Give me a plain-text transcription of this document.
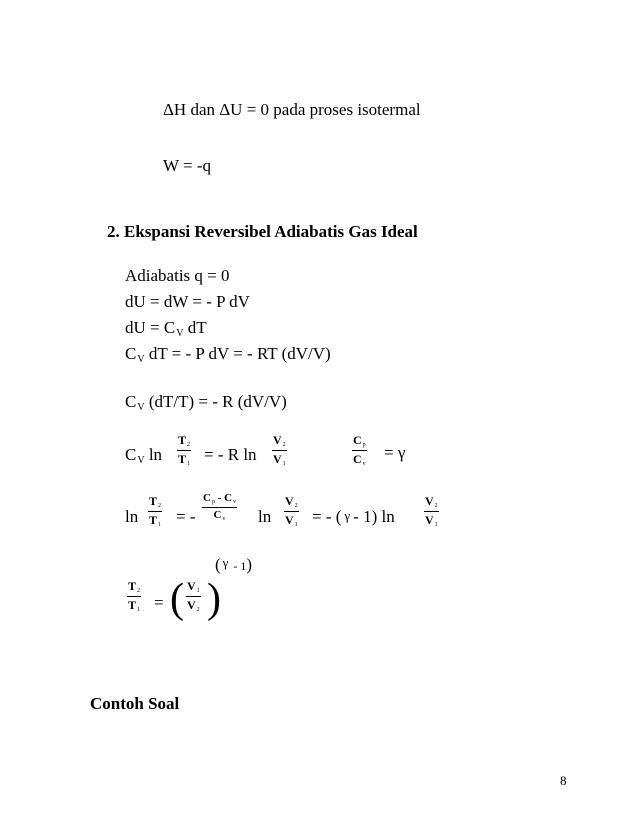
ΔH dan ΔU = 0 pada proses isotermal
W = -q
2. Ekspansi Reversibel Adiabatis Gas Ideal
Adiabatis q = 0
dU = dW = - P dV
dU = $C_V$ dT
$C_V$ dT = - P dV = - RT (dV/V)
$C_V$ (dT/T) = - R (dV/V)
$C_V$ ln
T2
T1 = - R ln
V2
V1
Cp
Cv
= γ
ln
T2
T1 = -
Cp - Cv
Cv ln
V2
V1 = - ( γ - 1) ln
V2
V1
( γ - 1)
T2
T1 = ( V1
V2 )
Contoh Soal
8
